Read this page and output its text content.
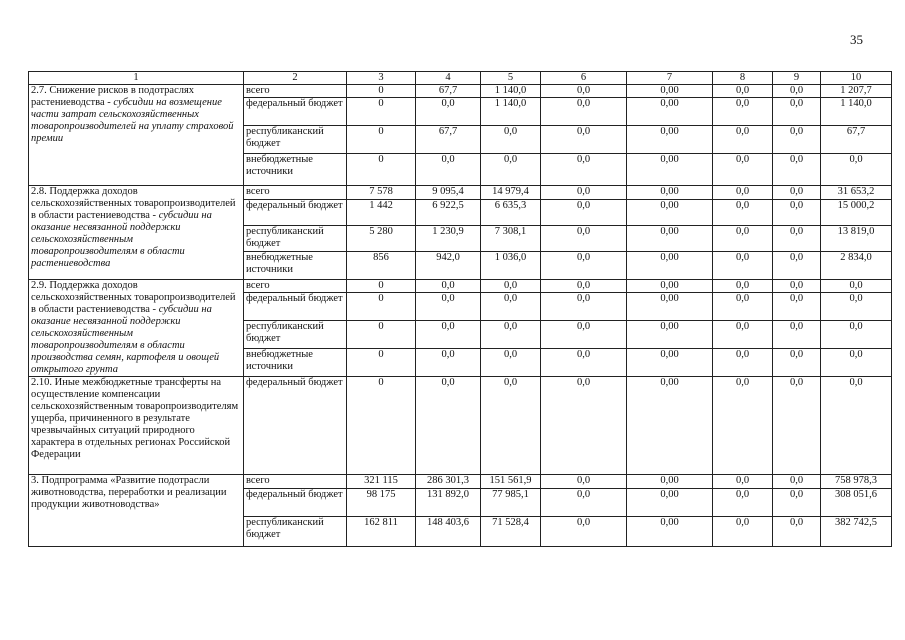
35
1	2	3	4	5	6	7	8	9	10
2.7. Снижение рисков в подотраслях растениеводства - субсидии на возмещение части затрат сельскохозяйственных товаропроизводителей на уплату страховой премии	всего	0	67,7	1 140,0	0,0	0,00	0,0	0,0	1 207,7
	федеральный бюджет	0	0,0	1 140,0	0,0	0,00	0,0	0,0	1 140,0
	республиканский бюджет	0	67,7	0,0	0,0	0,00	0,0	0,0	67,7
	внебюджетные источники	0	0,0	0,0	0,0	0,00	0,0	0,0	0,0
2.8. Поддержка доходов сельскохозяйственных товаропроизводителей в области растениеводства - субсидии на оказание несвязанной поддержки сельскохозяйственным товаропроизводителям в области растениеводства	всего	7 578	9 095,4	14 979,4	0,0	0,00	0,0	0,0	31 653,2
	федеральный бюджет	1 442	6 922,5	6 635,3	0,0	0,00	0,0	0,0	15 000,2
	республиканский бюджет	5 280	1 230,9	7 308,1	0,0	0,00	0,0	0,0	13 819,0
	внебюджетные источники	856	942,0	1 036,0	0,0	0,00	0,0	0,0	2 834,0
2.9. Поддержка доходов сельскохозяйственных товаропроизводителей в области растениеводства - субсидии на оказание несвязанной поддержки сельскохозяйственным товаропроизводителям в области производства семян, картофеля и овощей открытого грунта	всего	0	0,0	0,0	0,0	0,00	0,0	0,0	0,0
	федеральный бюджет	0	0,0	0,0	0,0	0,00	0,0	0,0	0,0
	республиканский бюджет	0	0,0	0,0	0,0	0,00	0,0	0,0	0,0
	внебюджетные источники	0	0,0	0,0	0,0	0,00	0,0	0,0	0,0
2.10. Иные межбюджетные трансферты на осуществление компенсации сельскохозяйственным товаропроизводителям ущерба, причиненного в результате чрезвычайных ситуаций природного характера в отдельных регионах Российской Федерации	федеральный бюджет	0	0,0	0,0	0,0	0,00	0,0	0,0	0,0
3. Подпрограмма «Развитие подотрасли животноводства, переработки и реализации продукции животноводства»	всего	321 115	286 301,3	151 561,9	0,0	0,00	0,0	0,0	758 978,3
	федеральный бюджет	98 175	131 892,0	77 985,1	0,0	0,00	0,0	0,0	308 051,6
	республиканский бюджет	162 811	148 403,6	71 528,4	0,0	0,00	0,0	0,0	382 742,5
